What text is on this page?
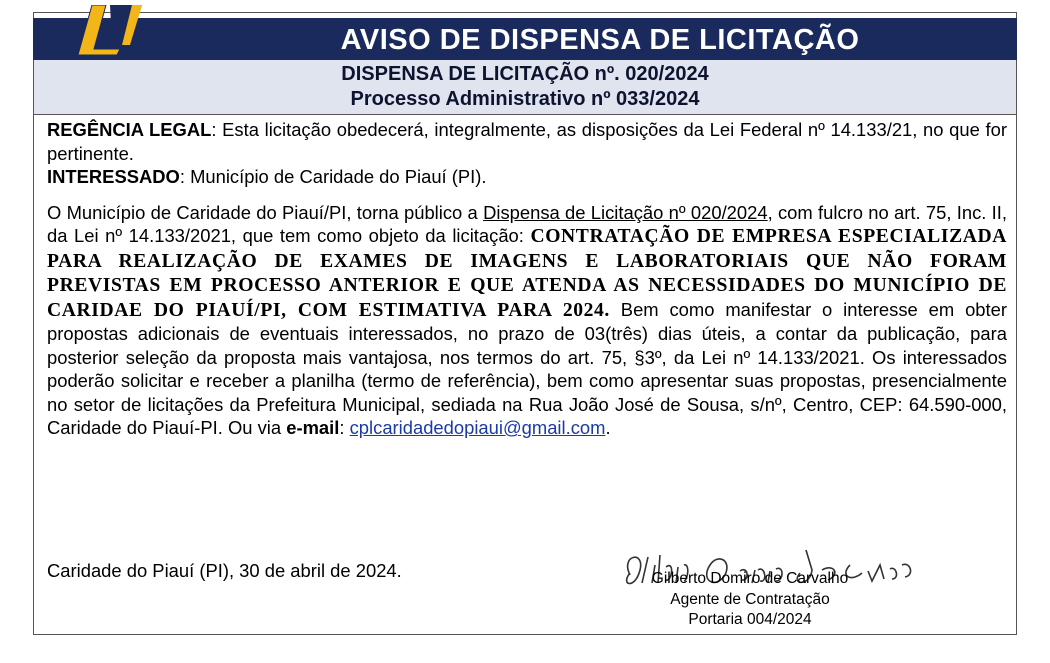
AVISO DE DISPENSA DE LICITAÇÃO
DISPENSA DE LICITAÇÃO nº. 020/2024
Processo Administrativo nº 033/2024

REGÊNCIA LEGAL: Esta licitação obedecerá, integralmente, as disposições da Lei Federal nº 14.133/21, no que for pertinente.

INTERESSADO: Município de Caridade do Piauí (PI).

O Município de Caridade do Piauí/PI, torna público a Dispensa de Licitação nº 020/2024, com fulcro no art. 75, Inc. II, da Lei nº 14.133/2021, que tem como objeto da licitação: CONTRATAÇÃO DE EMPRESA ESPECIALIZADA PARA REALIZAÇÃO DE EXAMES DE IMAGENS E LABORATORIAIS QUE NÃO FORAM PREVISTAS EM PROCESSO ANTERIOR E QUE ATENDA AS NECESSIDADES DO MUNICÍPIO DE CARIDAE DO PIAUÍ/PI, COM ESTIMATIVA PARA 2024. Bem como manifestar o interesse em obter propostas adicionais de eventuais interessados, no prazo de 03(três) dias úteis, a contar da publicação, para posterior seleção da proposta mais vantajosa, nos termos do art. 75, §3º, da Lei nº 14.133/2021. Os interessados poderão solicitar e receber a planilha (termo de referência), bem como apresentar suas propostas, presencialmente no setor de licitações da Prefeitura Municipal, sediada na Rua João José de Sousa, s/nº, Centro, CEP: 64.590-000, Caridade do Piauí-PI. Ou via e-mail: cplcaridadedopiaui@gmail.com.

Caridade do Piauí (PI), 30 de abril de 2024.	Gilberto Domiro de Carvalho
Agente de Contratação
Portaria 004/2024
